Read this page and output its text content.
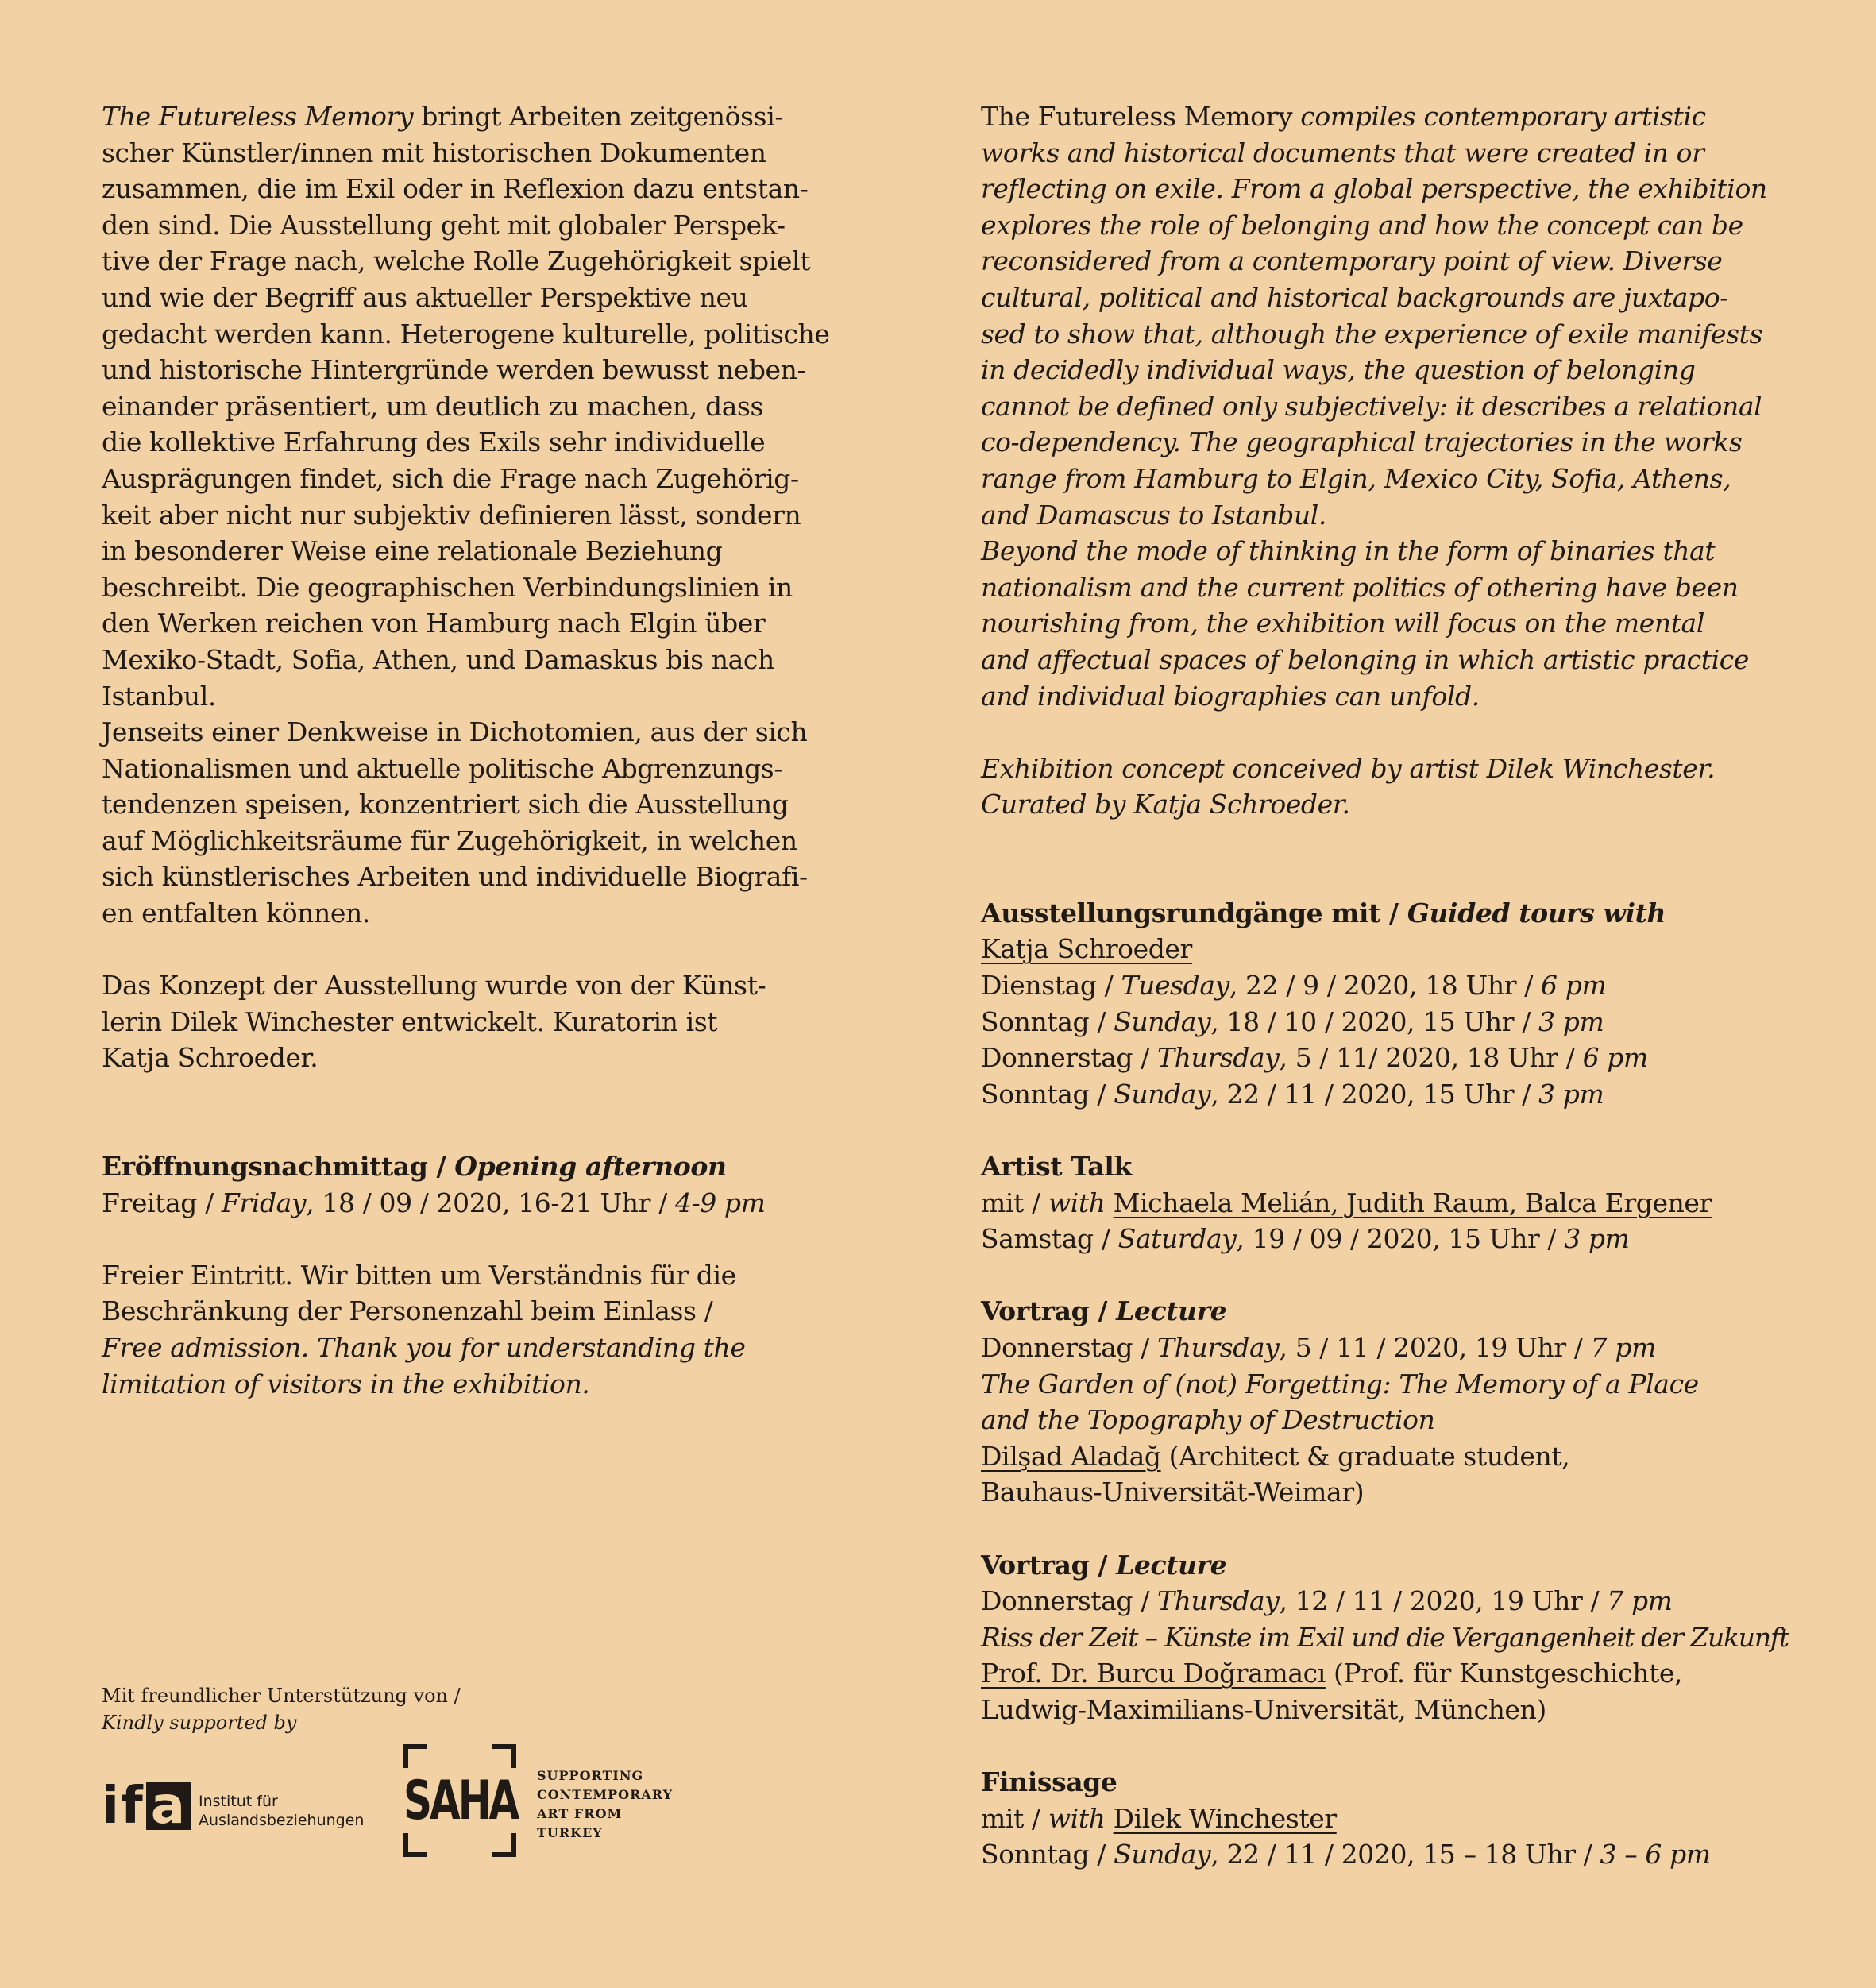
The Futureless Memory bringt Arbeiten zeitgenössi-
scher Künstler/innen mit historischen Dokumenten
zusammen, die im Exil oder in Reflexion dazu entstan-
den sind. Die Ausstellung geht mit globaler Perspek-
tive der Frage nach, welche Rolle Zugehörigkeit spielt
und wie der Begriff aus aktueller Perspektive neu
gedacht werden kann. Heterogene kulturelle, politische
und historische Hintergründe werden bewusst neben-
einander präsentiert, um deutlich zu machen, dass
die kollektive Erfahrung des Exils sehr individuelle
Ausprägungen findet, sich die Frage nach Zugehörig-
keit aber nicht nur subjektiv definieren lässt, sondern
in besonderer Weise eine relationale Beziehung
beschreibt. Die geographischen Verbindungslinien in
den Werken reichen von Hamburg nach Elgin über
Mexiko-Stadt, Sofia, Athen, und Damaskus bis nach
Istanbul.
Jenseits einer Denkweise in Dichotomien, aus der sich
Nationalismen und aktuelle politische Abgrenzungs-
tendenzen speisen, konzentriert sich die Ausstellung
auf Möglichkeitsräume für Zugehörigkeit, in welchen
sich künstlerisches Arbeiten und individuelle Biografi-
en entfalten können.

Das Konzept der Ausstellung wurde von der Künst-
lerin Dilek Winchester entwickelt. Kuratorin ist
Katja Schroeder.

Eröffnungsnachmittag / Opening afternoon
Freitag / Friday, 18 / 09 / 2020, 16-21 Uhr / 4-9 pm

Freier Eintritt. Wir bitten um Verständnis für die
Beschränkung der Personenzahl beim Einlass /
Free admission. Thank you for understanding the
limitation of visitors in the exhibition.

Mit freundlicher Unterstützung von /

Kindly supported by

if a Institut für
Auslandsbeziehungen SAHA SUPPORTING
CONTEMPORARY
ART FROM
TURKEY

The Futureless Memory compiles contemporary artistic
works and historical documents that were created in or
reflecting on exile. From a global perspective, the exhibition
explores the role of belonging and how the concept can be
reconsidered from a contemporary point of view. Diverse
cultural, political and historical backgrounds are juxtapo-
sed to show that, although the experience of exile manifests
in decidedly individual ways, the question of belonging
cannot be defined only subjectively: it describes a relational
co-dependency. The geographical trajectories in the works
range from Hamburg to Elgin, Mexico City, Sofia, Athens,
and Damascus to Istanbul.
Beyond the mode of thinking in the form of binaries that
nationalism and the current politics of othering have been
nourishing from, the exhibition will focus on the mental
and affectual spaces of belonging in which artistic practice
and individual biographies can unfold.

Exhibition concept conceived by artist Dilek Winchester.
Curated by Katja Schroeder.

Ausstellungsrundgänge mit / Guided tours with
Katja Schroeder
Dienstag / Tuesday, 22 / 9 / 2020, 18 Uhr / 6 pm
Sonntag / Sunday, 18 / 10 / 2020, 15 Uhr / 3 pm
Donnerstag / Thursday, 5 / 11/ 2020, 18 Uhr / 6 pm
Sonntag / Sunday, 22 / 11 / 2020, 15 Uhr / 3 pm

Artist Talk
mit / with Michaela Melián, Judith Raum, Balca Ergener
Samstag / Saturday, 19 / 09 / 2020, 15 Uhr / 3 pm

Vortrag / Lecture
Donnerstag / Thursday, 5 / 11 / 2020, 19 Uhr / 7 pm
The Garden of (not) Forgetting: The Memory of a Place
and the Topography of Destruction
Dilşad Aladağ (Architect & graduate student,
Bauhaus-Universität-Weimar)

Vortrag / Lecture
Donnerstag / Thursday, 12 / 11 / 2020, 19 Uhr / 7 pm
Riss der Zeit – Künste im Exil und die Vergangenheit der Zukunft
Prof. Dr. Burcu Doğramacı (Prof. für Kunstgeschichte,
Ludwig-Maximilians-Universität, München)

Finissage
mit / with Dilek Winchester
Sonntag / Sunday, 22 / 11 / 2020, 15 – 18 Uhr / 3 – 6 pm
